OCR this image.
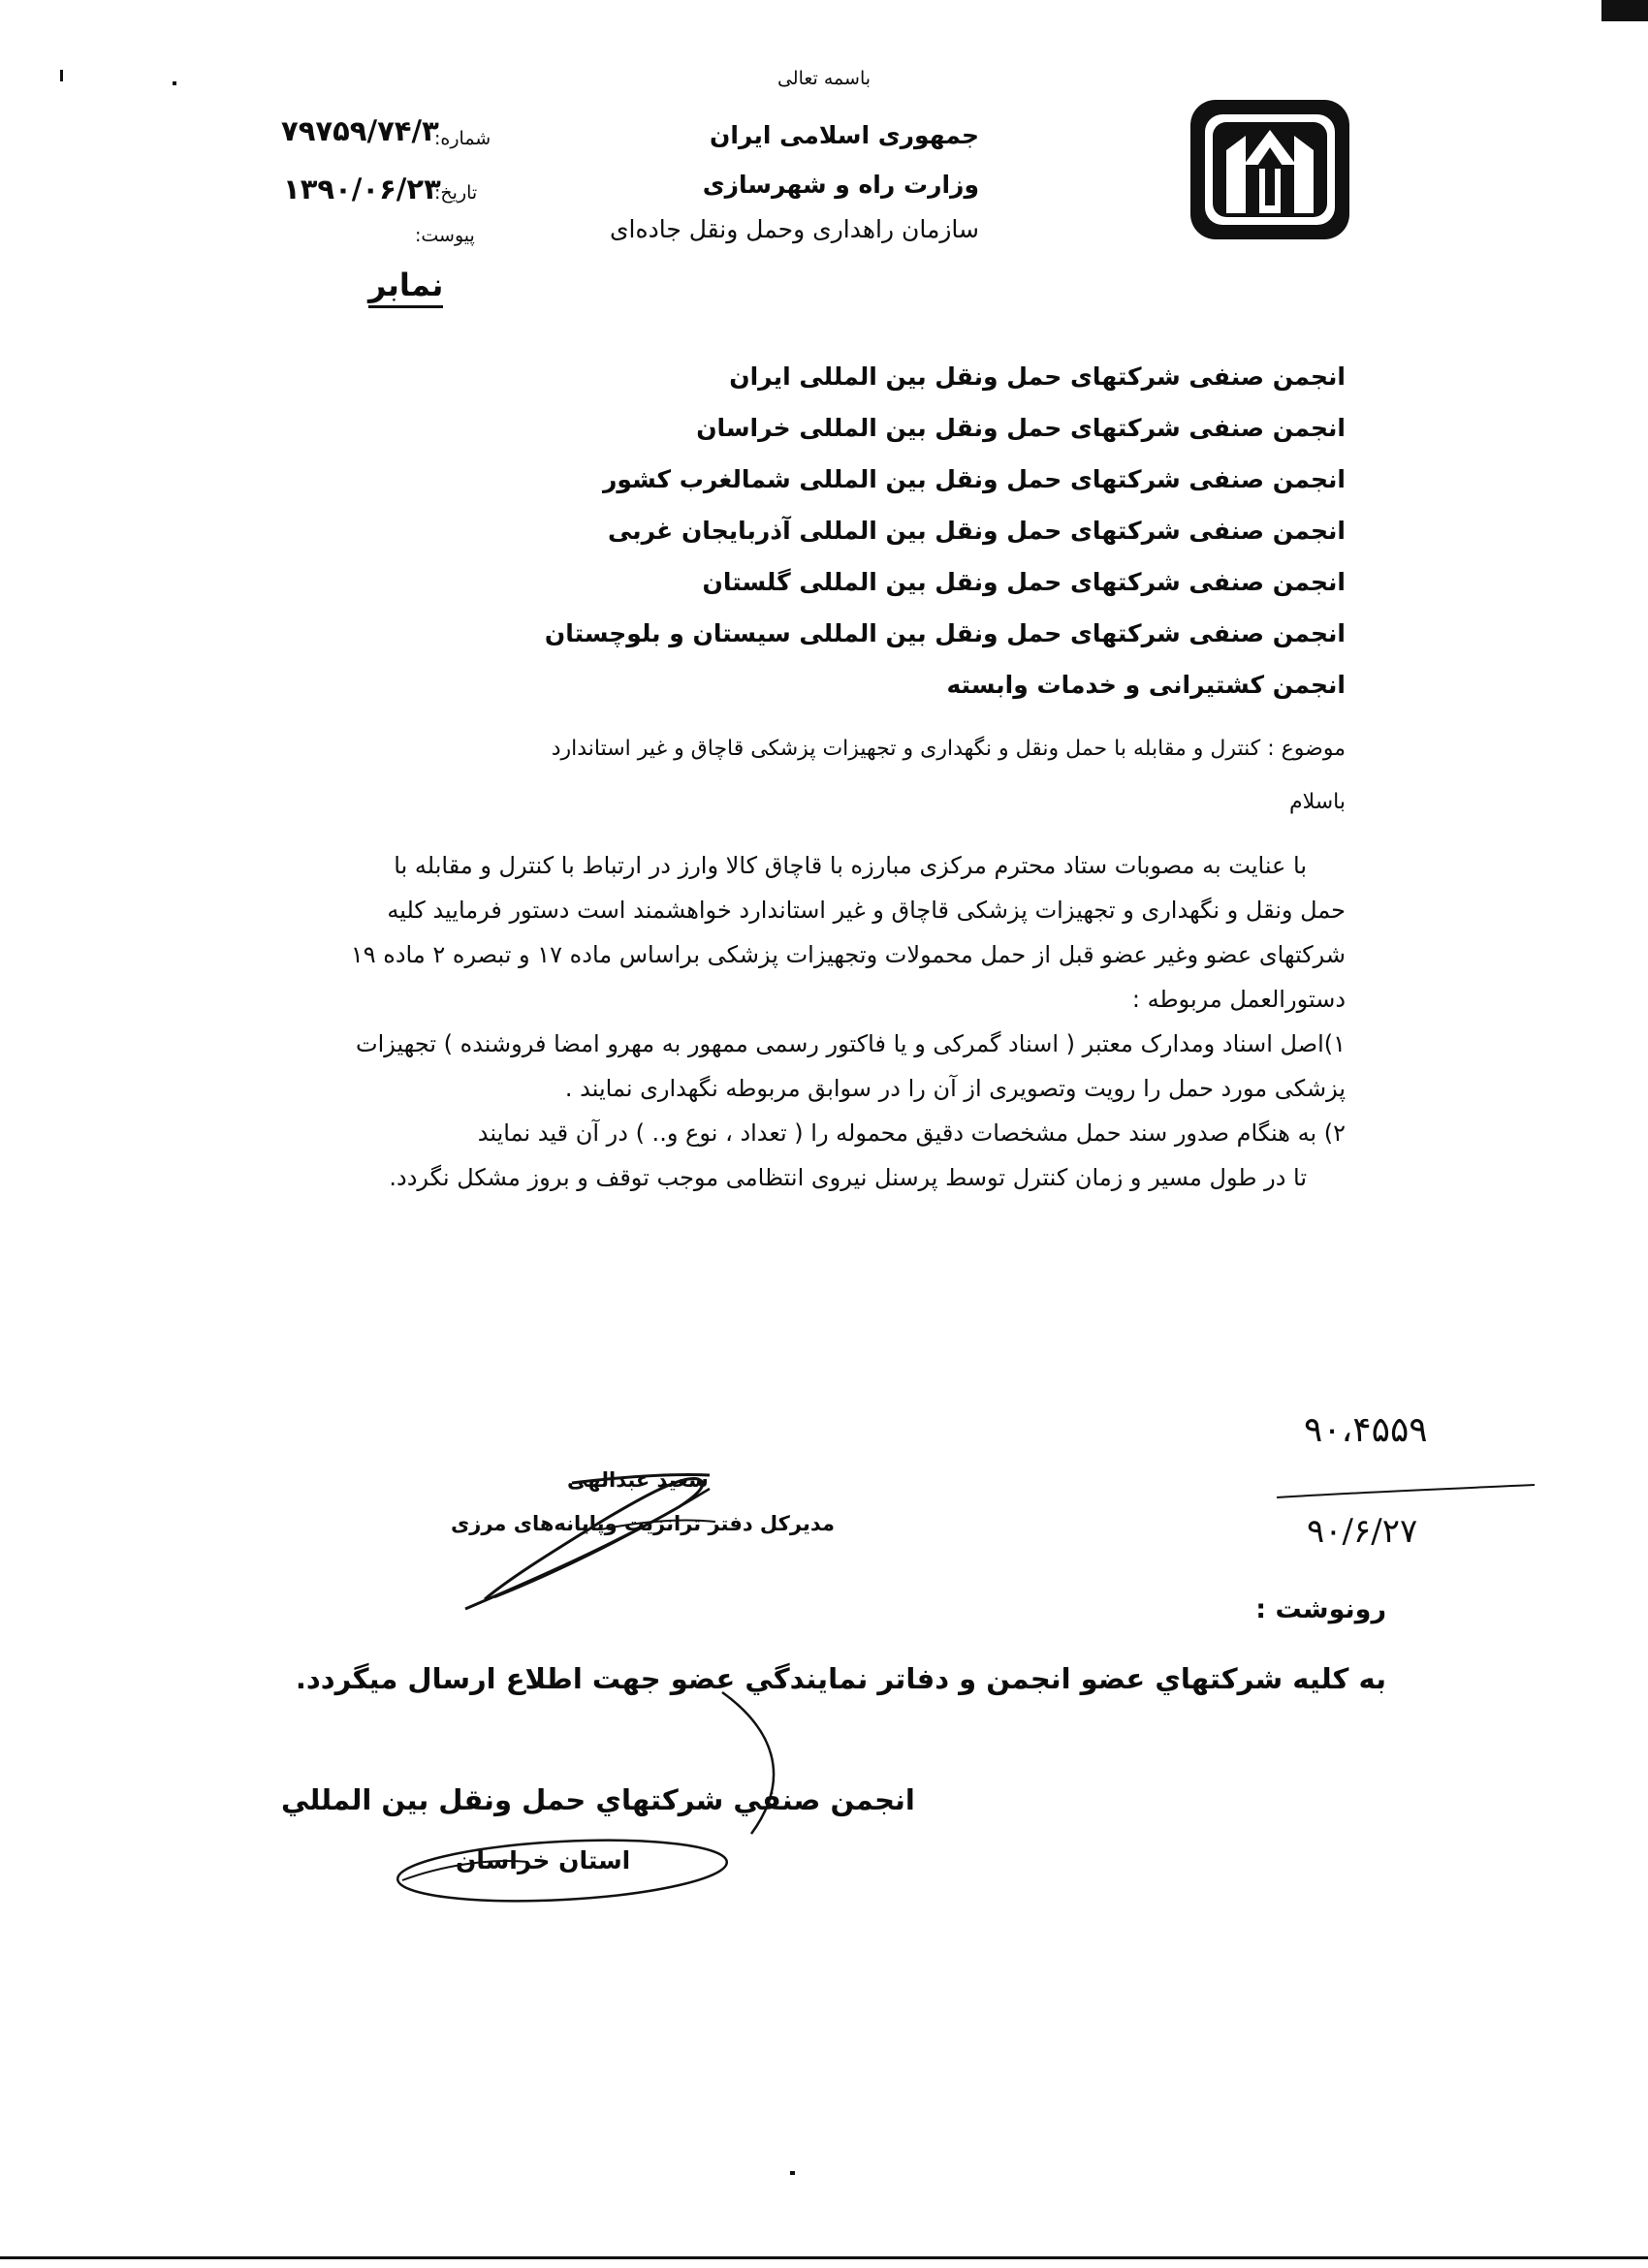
باسمه تعالی
جمهوری اسلامی ایران
وزارت راه و شهرسازی
سازمان راهداری وحمل ونقل جاده‌ای
۷۹۷۵۹/۷۴/۳
شماره:
۱۳۹۰/۰۶/۲۳
تاریخ:
پیوست:
نمابر
انجمن صنفی شرکتهای حمل ونقل بین المللی ایران
انجمن صنفی شرکتهای حمل ونقل بین المللی خراسان
انجمن صنفی شرکتهای حمل ونقل بین المللی شمالغرب کشور
انجمن صنفی شرکتهای حمل ونقل بین المللی آذربایجان غربی
انجمن صنفی شرکتهای حمل ونقل بین المللی گلستان
انجمن صنفی شرکتهای حمل ونقل بین المللی سیستان و بلوچستان
انجمن کشتیرانی و خدمات وابسته
موضوع : کنترل و مقابله با حمل ونقل و نگهداری و تجهیزات پزشکی قاچاق و غیر استاندارد
باسلام
با عنایت به مصوبات ستاد محترم مرکزی مبارزه با قاچاق کالا وارز در ارتباط با کنترل و مقابله با
حمل ونقل و نگهداری و تجهیزات پزشکی قاچاق و غیر استاندارد خواهشمند است دستور فرمایید کلیه
شرکتهای عضو وغیر عضو قبل از حمل محمولات وتجهیزات پزشکی براساس ماده ۱۷ و تبصره ۲ ماده ۱۹
دستورالعمل مربوطه :
۱)اصل اسناد ومدارک معتبر ( اسناد گمرکی و یا فاکتور رسمی ممهور به مهرو امضا فروشنده ) تجهیزات
پزشکی مورد حمل را رویت وتصویری از آن را در سوابق مربوطه نگهداری نمایند .
۲) به هنگام صدور سند حمل مشخصات دقیق محموله را ( تعداد ، نوع و.. ) در آن قید نمایند
تا در طول مسیر و زمان کنترل توسط پرسنل نیروی انتظامی موجب توقف و بروز مشکل نگردد.
۹۰،۴۵۵۹
۹۰/۶/۲۷
سعید عبدالهی
مدیرکل دفتر ترانزیت وپایانه‌های مرزی
رونوشت :
به كليه شركتهاي عضو انجمن و دفاتر نمايندگي عضو جهت اطلاع ارسال ميگردد.
انجمن صنفي شركتهاي حمل ونقل بين المللي
استان خراسان
